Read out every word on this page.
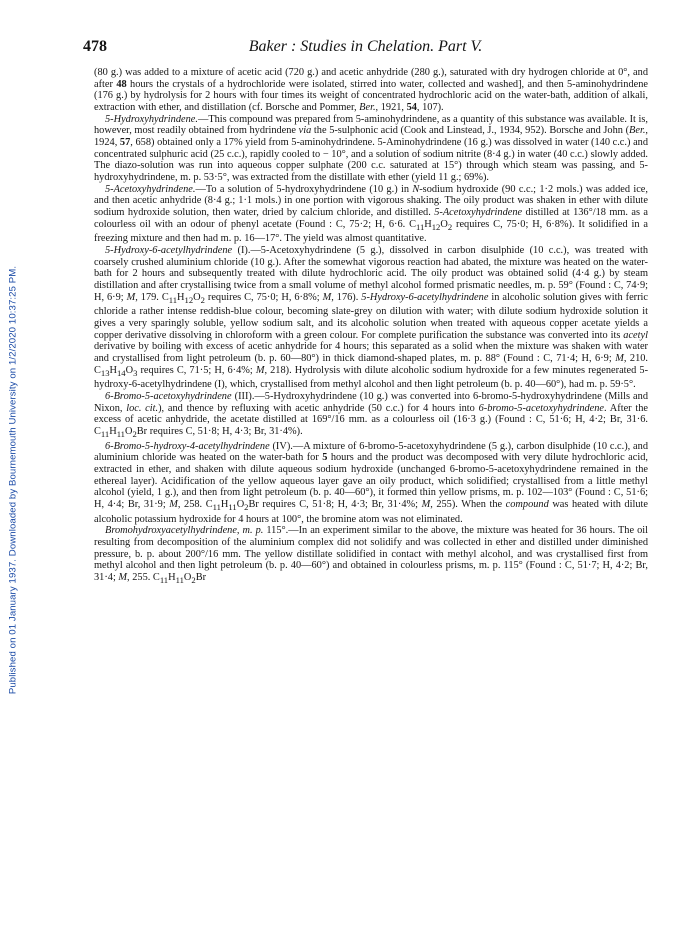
Published on 01 January 1937. Downloaded by Bournemouth University on 1/2/2020 10:37:25 PM.
478	Baker : Studies in Chelation. Part V.

(80 g.) was added to a mixture of acetic acid (720 g.) and acetic anhydride (280 g.), saturated with dry hydrogen chloride at 0°, and after 48 hours the crystals of a hydrochloride were isolated, stirred into water, collected and washed], and then 5-aminohydrindene (176 g.) by hydrolysis for 2 hours with four times its weight of concentrated hydrochloric acid on the water-bath, addition of alkali, extraction with ether, and distillation (cf. Borsche and Pommer, Ber., 1921, 54, 107).

5-Hydroxyhydrindene.—This compound was prepared from 5-aminohydrindene, as a quantity of this substance was available. It is, however, most readily obtained from hydrindene via the 5-sulphonic acid (Cook and Linstead, J., 1934, 952). Borsche and John (Ber., 1924, 57, 658) obtained only a 17% yield from 5-aminohydrindene. 5-Aminohydrindene (16 g.) was dissolved in water (140 c.c.) and concentrated sulphuric acid (25 c.c.), rapidly cooled to − 10°, and a solution of sodium nitrite (8·4 g.) in water (40 c.c.) slowly added. The diazo-solution was run into aqueous copper sulphate (200 c.c. saturated at 15°) through which steam was passing, and 5-hydroxyhydrindene, m. p. 53·5°, was extracted from the distillate with ether (yield 11 g.; 69%).

5-Acetoxyhydrindene.—To a solution of 5-hydroxyhydrindene (10 g.) in N-sodium hydroxide (90 c.c.; 1·2 mols.) was added ice, and then acetic anhydride (8·4 g.; 1·1 mols.) in one portion with vigorous shaking. The oily product was shaken in ether with dilute sodium hydroxide solution, then water, dried by calcium chloride, and distilled. 5-Acetoxyhydrindene distilled at 136°/18 mm. as a colourless oil with an odour of phenyl acetate (Found : C, 75·2; H, 6·6. $C_{11}H_{12}O_2$ requires C, 75·0; H, 6·8%). It solidified in a freezing mixture and then had m. p. 16—17°. The yield was almost quantitative.

5-Hydroxy-6-acetylhydrindene (I).—5-Acetoxyhydrindene (5 g.), dissolved in carbon disulphide (10 c.c.), was treated with coarsely crushed aluminium chloride (10 g.). After the somewhat vigorous reaction had abated, the mixture was heated on the water-bath for 2 hours and subsequently treated with dilute hydrochloric acid. The oily product was obtained solid (4·4 g.) by steam distillation and after crystallising twice from a small volume of methyl alcohol formed prismatic needles, m. p. 59° (Found : C, 74·9; H, 6·9; M, 179. $C_{11}H_{12}O_2$ requires C, 75·0; H, 6·8%; M, 176). 5-Hydroxy-6-acetylhydrindene in alcoholic solution gives with ferric chloride a rather intense reddish-blue colour, becoming slate-grey on dilution with water; with dilute sodium hydroxide solution it gives a very sparingly soluble, yellow sodium salt, and its alcoholic solution when treated with aqueous copper acetate yields a copper derivative dissolving in chloroform with a green colour. For complete purification the substance was converted into its acetyl derivative by boiling with excess of acetic anhydride for 4 hours; this separated as a solid when the mixture was shaken with water and crystallised from light petroleum (b. p. 60—80°) in thick diamond-shaped plates, m. p. 88° (Found : C, 71·4; H, 6·9; M, 210. $C_{13}H_{14}O_3$ requires C, 71·5; H, 6·4%; M, 218). Hydrolysis with dilute alcoholic sodium hydroxide for a few minutes regenerated 5-hydroxy-6-acetylhydrindene (I), which, crystallised from methyl alcohol and then light petroleum (b. p. 40—60°), had m. p. 59·5°.

6-Bromo-5-acetoxyhydrindene (III).—5-Hydroxyhydrindene (10 g.) was converted into 6-bromo-5-hydroxyhydrindene (Mills and Nixon, loc. cit.), and thence by refluxing with acetic anhydride (50 c.c.) for 4 hours into 6-bromo-5-acetoxyhydrindene. After the excess of acetic anhydride, the acetate distilled at 169°/16 mm. as a colourless oil (16·3 g.) (Found : C, 51·6; H, 4·2; Br, 31·6. $C_{11}H_{11}O_2Br$ requires C, 51·8; H, 4·3; Br, 31·4%).

6-Bromo-5-hydroxy-4-acetylhydrindene (IV).—A mixture of 6-bromo-5-acetoxyhydrindene (5 g.), carbon disulphide (10 c.c.), and aluminium chloride was heated on the water-bath for 5 hours and the product was decomposed with very dilute hydrochloric acid, extracted in ether, and shaken with dilute aqueous sodium hydroxide (unchanged 6-bromo-5-acetoxyhydrindene remained in the ethereal layer). Acidification of the yellow aqueous layer gave an oily product, which solidified; crystallised from a little methyl alcohol (yield, 1 g.), and then from light petroleum (b. p. 40—60°), it formed thin yellow prisms, m. p. 102—103° (Found : C, 51·6; H, 4·4; Br, 31·9; M, 258. $C_{11}H_{11}O_2Br$ requires C, 51·8; H, 4·3; Br, 31·4%; M, 255). When the compound was heated with dilute alcoholic potassium hydroxide for 4 hours at 100°, the bromine atom was not eliminated.

Bromohydroxyacetylhydrindene, m. p. 115°.—In an experiment similar to the above, the mixture was heated for 36 hours. The oil resulting from decomposition of the aluminium complex did not solidify and was collected in ether and distilled under diminished pressure, b. p. about 200°/16 mm. The yellow distillate solidified in contact with methyl alcohol, and was crystallised first from methyl alcohol and then light petroleum (b. p. 40—60°) and obtained in colourless prisms, m. p. 115° (Found : C, 51·7; H, 4·2; Br, 31·4; M, 255. $C_{11}H_{11}O_2Br$
